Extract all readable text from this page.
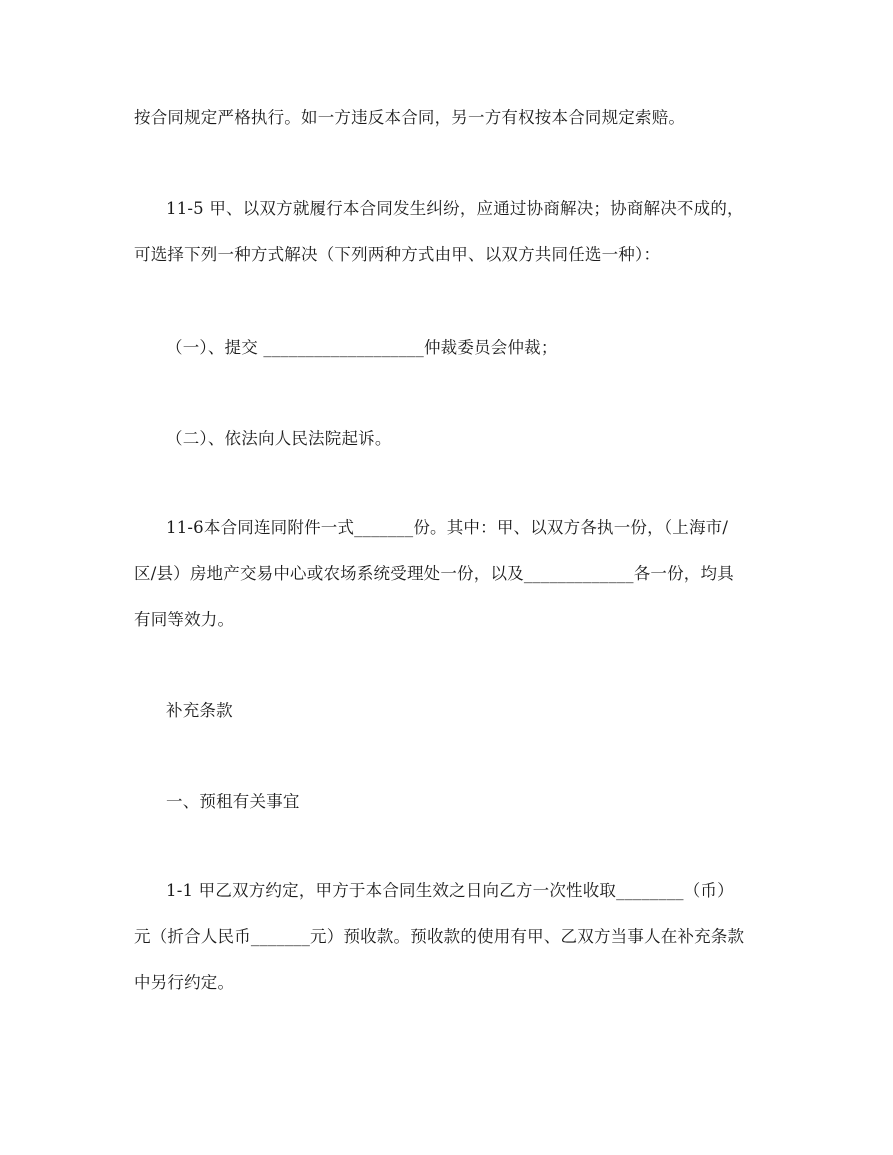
按合同规定严格执行。如一方违反本合同，另一方有权按本合同规定索赔。
11-5 甲、以双方就履行本合同发生纠纷，应通过协商解决；协商解决不成的，
可选择下列一种方式解决（下列两种方式由甲、以双方共同任选一种）：
（一）、提交 ___________________仲裁委员会仲裁；
（二）、依法向人民法院起诉。
11-6本合同连同附件一式_______份。其中：甲、以双方各执一份，（上海市/
区/县）房地产交易中心或农场系统受理处一份，以及_____________各一份，均具
有同等效力。
补充条款
一、预租有关事宜
1-1 甲乙双方约定，甲方于本合同生效之日向乙方一次性收取________（币）
元（折合人民币_______元）预收款。预收款的使用有甲、乙双方当事人在补充条款
中另行约定。
